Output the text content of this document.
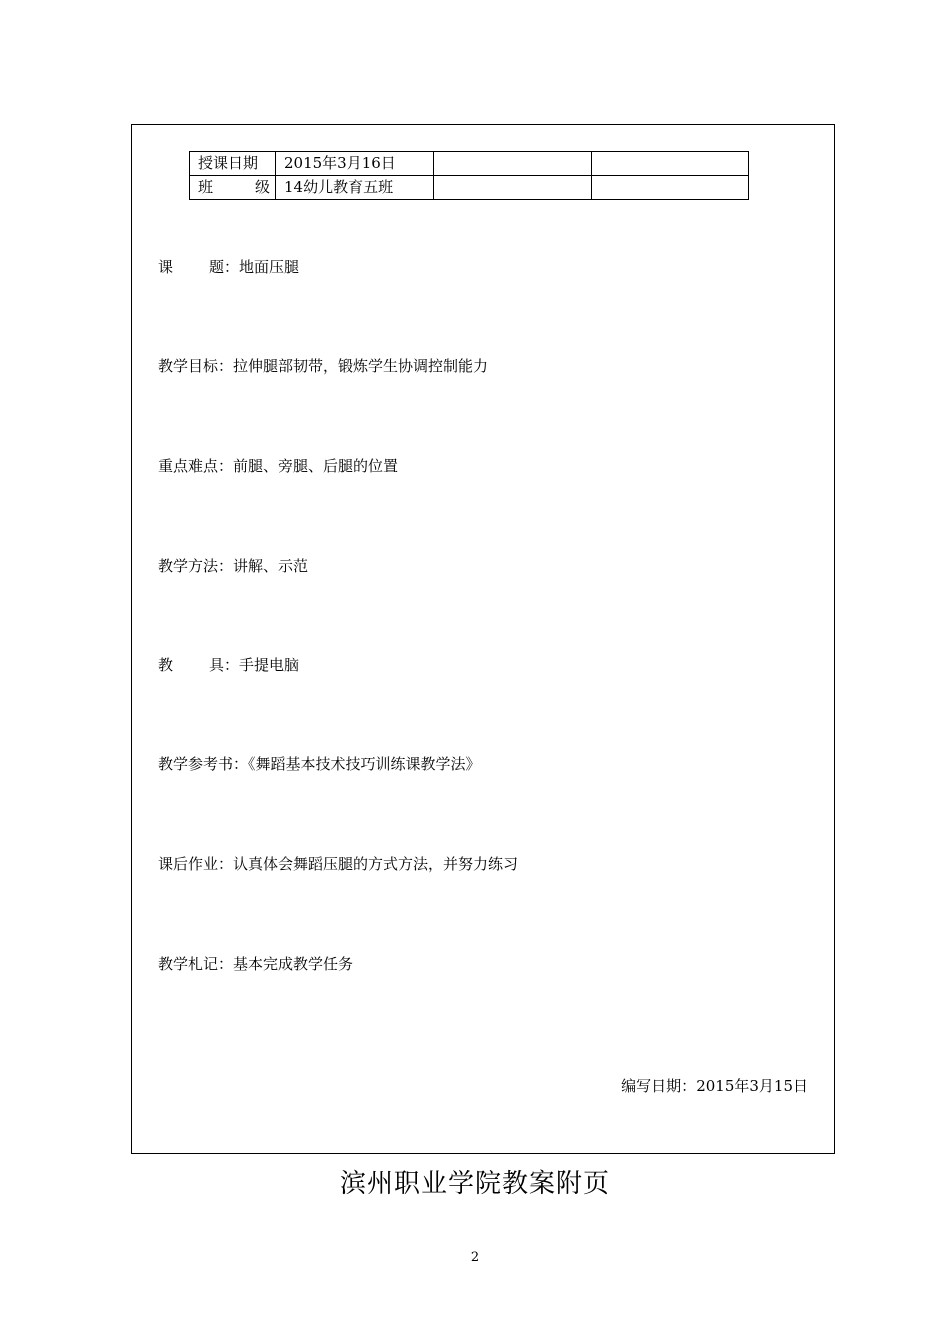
授课日期	2015年3月16日		
班 级	14幼儿教育五班		
课 题：地面压腿
教学目标：拉伸腿部韧带，锻炼学生协调控制能力
重点难点：前腿、旁腿、后腿的位置
教学方法：讲解、示范
教 具：手提电脑
教学参考书：《舞蹈基本技术技巧训练课教学法》
课后作业：认真体会舞蹈压腿的方式方法，并努力练习
教学札记：基本完成教学任务
编写日期：2015年3月15日
滨州职业学院教案附页
2
